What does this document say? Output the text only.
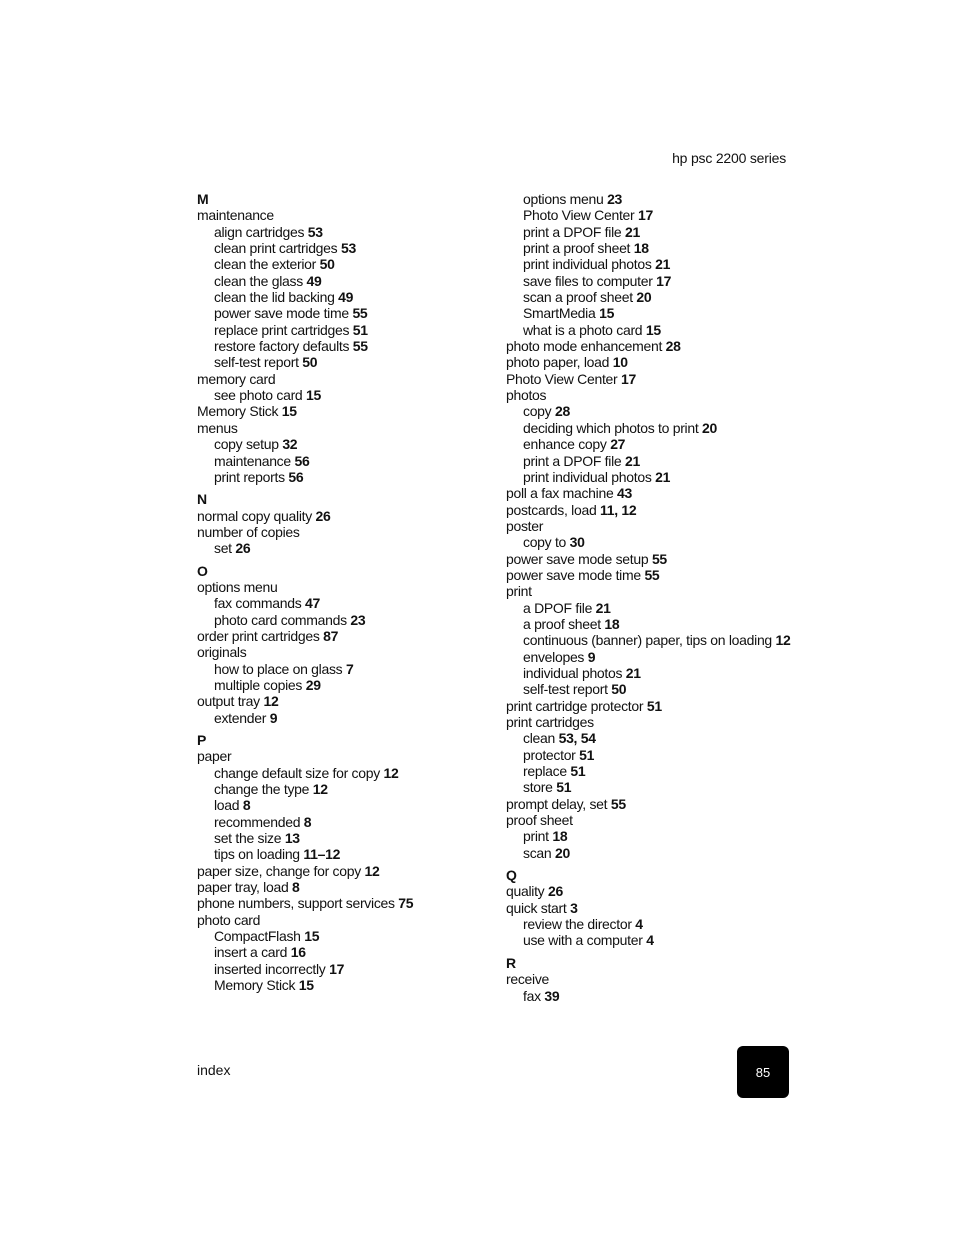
hp psc 2200 series
M
maintenance
align cartridges 53
clean print cartridges 53
clean the exterior 50
clean the glass 49
clean the lid backing 49
power save mode time 55
replace print cartridges 51
restore factory defaults 55
self-test report 50
memory card
see photo card 15
Memory Stick 15
menus
copy setup 32
maintenance 56
print reports 56
N
normal copy quality 26
number of copies
set 26
O
options menu
fax commands 47
photo card commands 23
order print cartridges 87
originals
how to place on glass 7
multiple copies 29
output tray 12
extender 9
P
paper
change default size for copy 12
change the type 12
load 8
recommended 8
set the size 13
tips on loading 11–12
paper size, change for copy 12
paper tray, load 8
phone numbers, support services 75
photo card
CompactFlash 15
insert a card 16
inserted incorrectly 17
Memory Stick 15
options menu 23
Photo View Center 17
print a DPOF file 21
print a proof sheet 18
print individual photos 21
save files to computer 17
scan a proof sheet 20
SmartMedia 15
what is a photo card 15
photo mode enhancement 28
photo paper, load 10
Photo View Center 17
photos
copy 28
deciding which photos to print 20
enhance copy 27
print a DPOF file 21
print individual photos 21
poll a fax machine 43
postcards, load 11, 12
poster
copy to 30
power save mode setup 55
power save mode time 55
print
a DPOF file 21
a proof sheet 18
continuous (banner) paper, tips on loading 12
envelopes 9
individual photos 21
self-test report 50
print cartridge protector 51
print cartridges
clean 53, 54
protector 51
replace 51
store 51
prompt delay, set 55
proof sheet
print 18
scan 20
Q
quality 26
quick start 3
review the director 4
use with a computer 4
R
receive
fax 39
index	85
